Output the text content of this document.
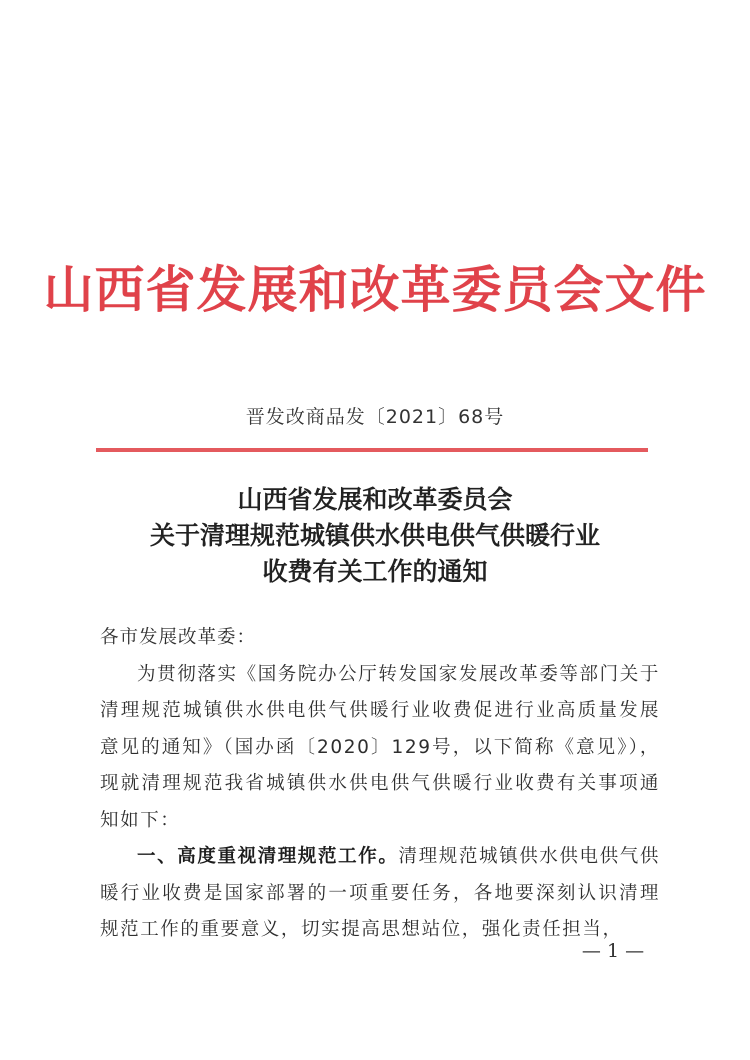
山西省发展和改革委员会文件
晋发改商品发〔2021〕68号
山西省发展和改革委员会
关于清理规范城镇供水供电供气供暖行业
收费有关工作的通知

各市发展改革委：

为贯彻落实《国务院办公厅转发国家发展改革委等部门关于清理规范城镇供水供电供气供暖行业收费促进行业高质量发展意见的通知》（国办函〔2020〕129号，以下简称《意见》），现就清理规范我省城镇供水供电供气供暖行业收费有关事项通知如下：

一、高度重视清理规范工作。清理规范城镇供水供电供气供暖行业收费是国家部署的一项重要任务，各地要深刻认识清理规范工作的重要意义，切实提高思想站位，强化责任担当，

— 1 —
